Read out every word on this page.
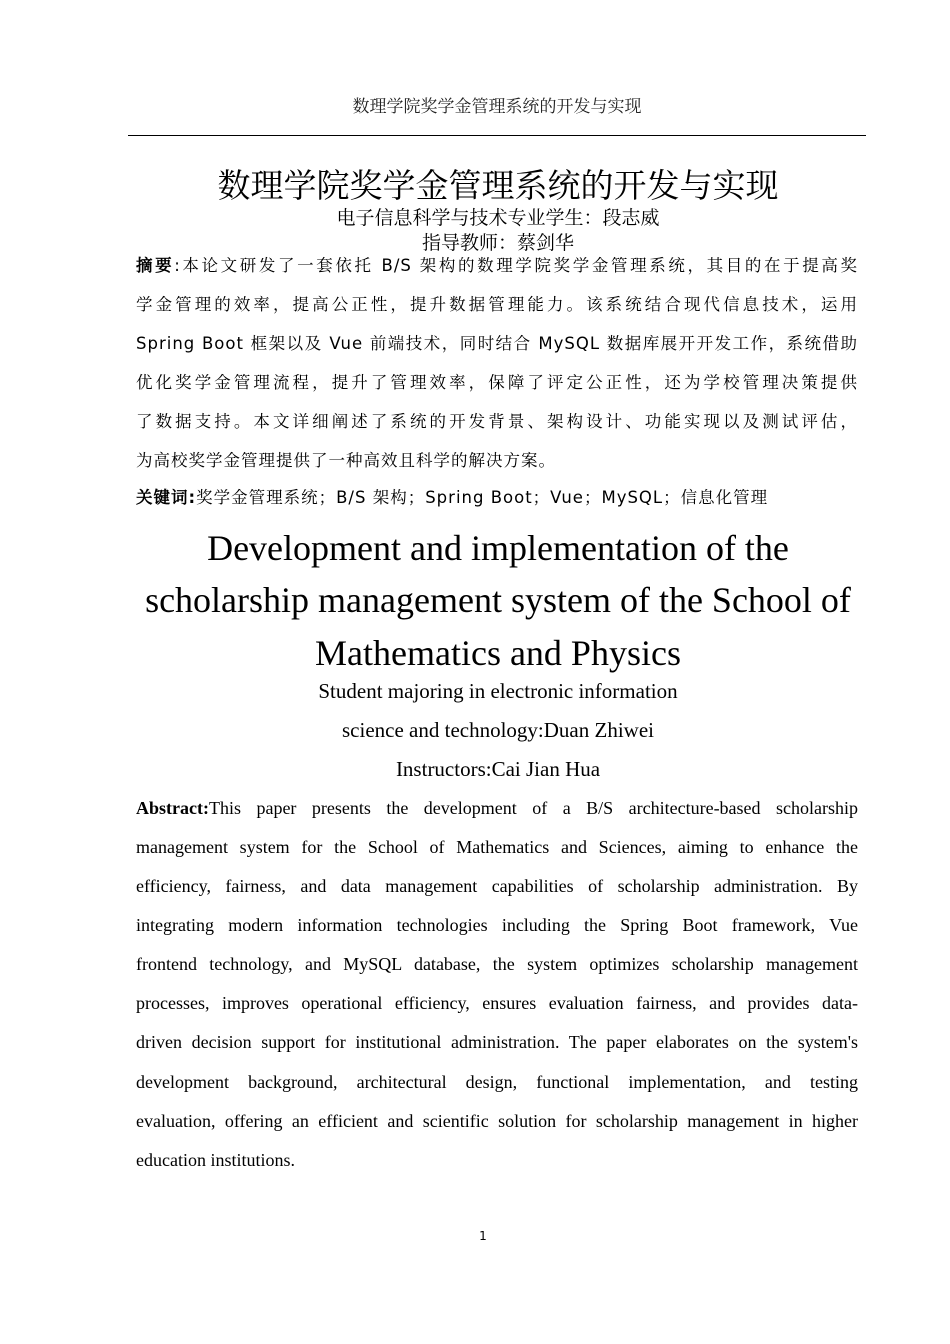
数理学院奖学金管理系统的开发与实现
数理学院奖学金管理系统的开发与实现
电子信息科学与技术专业学生：段志威
指导教师：蔡剑华
摘要:本论文研发了一套依托 B/S 架构的数理学院奖学金管理系统，其目的在于提高奖
学金管理的效率，提高公正性，提升数据管理能力。该系统结合现代信息技术，运用
Spring Boot 框架以及 Vue 前端技术，同时结合 MySQL 数据库展开开发工作，系统借助
优化奖学金管理流程，提升了管理效率，保障了评定公正性，还为学校管理决策提供
了数据支持。本文详细阐述了系统的开发背景、架构设计、功能实现以及测试评估，
为高校奖学金管理提供了一种高效且科学的解决方案。
关键词:奖学金管理系统；B/S 架构；Spring Boot；Vue；MySQL；信息化管理
Development and implementation of the
scholarship management system of the School of
Mathematics and Physics
Student majoring in electronic information
science and technology:Duan Zhiwei
Instructors:Cai Jian Hua
Abstract:This paper presents the development of a B/S architecture-based scholarship
management system for the School of Mathematics and Sciences, aiming to enhance the
efficiency, fairness, and data management capabilities of scholarship administration. By
integrating modern information technologies including the Spring Boot framework, Vue
frontend technology, and MySQL database, the system optimizes scholarship management
processes, improves operational efficiency, ensures evaluation fairness, and provides data-
driven decision support for institutional administration. The paper elaborates on the system's
development background, architectural design, functional implementation, and testing
evaluation, offering an efficient and scientific solution for scholarship management in higher
education institutions.
1
